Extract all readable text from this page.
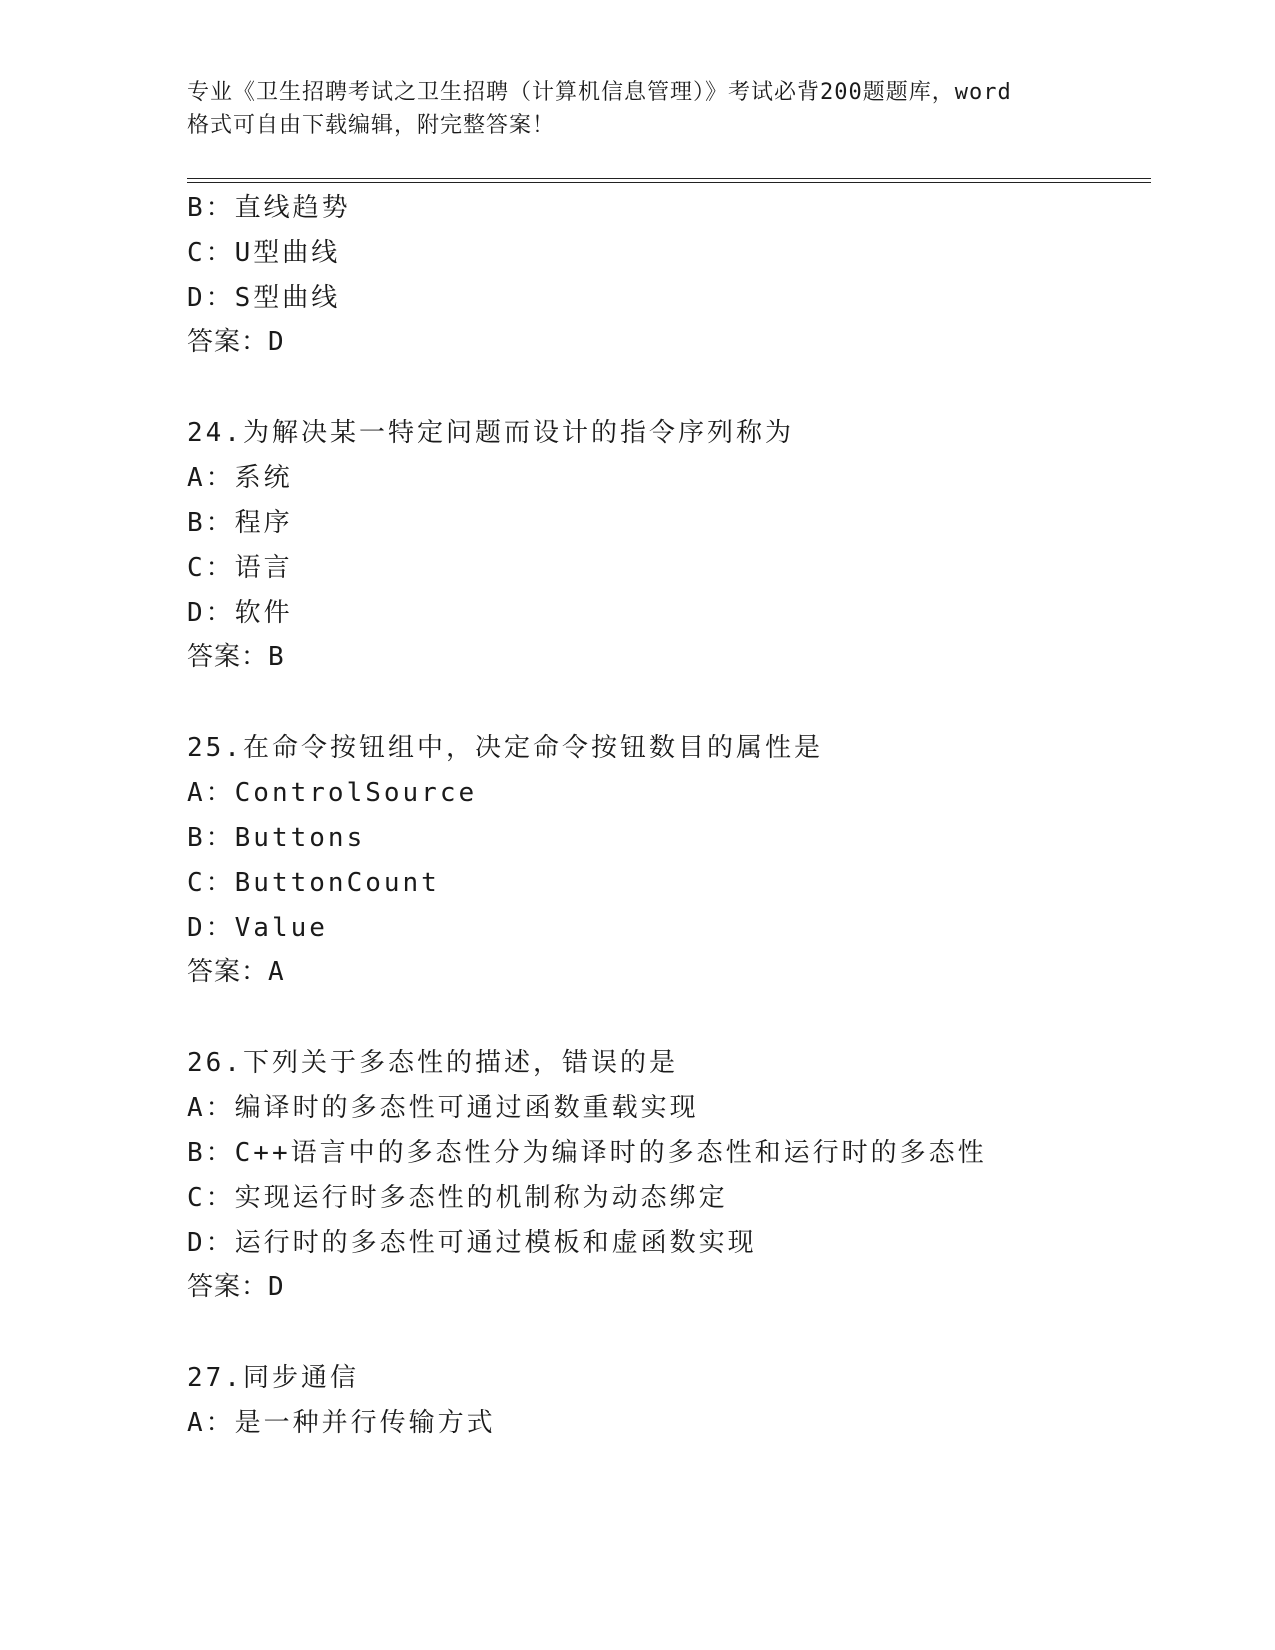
专业《卫生招聘考试之卫生招聘（计算机信息管理）》考试必背200题题库，word
格式可自由下载编辑，附完整答案！
B：直线趋势
C：U型曲线
D：S型曲线
答案：D
24.为解决某一特定问题而设计的指令序列称为
A：系统
B：程序
C：语言
D：软件
答案：B
25.在命令按钮组中，决定命令按钮数目的属性是
A：ControlSource
B：Buttons
C：ButtonCount
D：Value
答案：A
26.下列关于多态性的描述，错误的是
A：编译时的多态性可通过函数重载实现
B：C++语言中的多态性分为编译时的多态性和运行时的多态性
C：实现运行时多态性的机制称为动态绑定
D：运行时的多态性可通过模板和虚函数实现
答案：D
27.同步通信
A：是一种并行传输方式
